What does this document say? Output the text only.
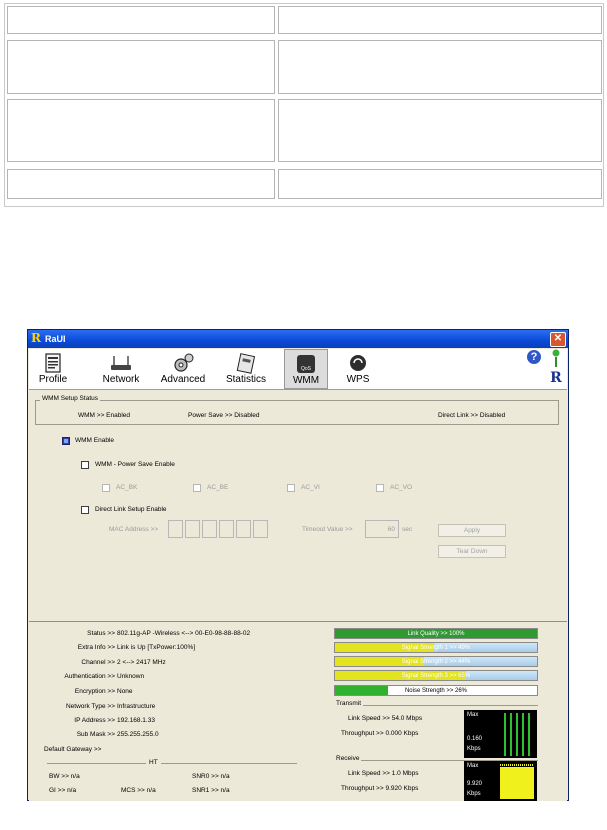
R RaUI	✕
Profile	Network	Advanced	Statistics
QoS
WMM	WPS
?
R
WMM Setup Status
WMM >> Enabled	Power Save >> Disabled	Direct Link >> Disabled
WMM Enable
WMM - Power Save Enable
AC_BK	AC_BE	AC_VI	AC_VO
Direct Link Setup Enable
MAC Address >>	Timeout Value >>	60 sec	Apply
Tear Down
Status >> 802.11g-AP -Wireless <--> 00-E0-98-88-88-02
Extra Info >> Link is Up [TxPower:100%]
Channel >> 2 <--> 2417 MHz
Authentication >> Unknown
Encryption >> None
Network Type >> Infrastructure
IP Address >> 192.168.1.33
Sub Mask >> 255.255.255.0
Default Gateway >>
HT
BW >> n/a	SNR0 >> n/a
GI >> n/a	MCS >> n/a	SNR1 >> n/a
Link Quality >> 100%
Signal Strength 1 >> 49%
Signal Strength 2 >> 44%
Signal Strength 3 >> 65%
Noise Strength >> 26%
Transmit
Link Speed >> 54.0 Mbps
Throughput >> 0.000 Kbps
Max
0.160
Kbps
Receive
Link Speed >> 1.0 Mbps
Throughput >> 9.920 Kbps
Max
9.920
Kbps
